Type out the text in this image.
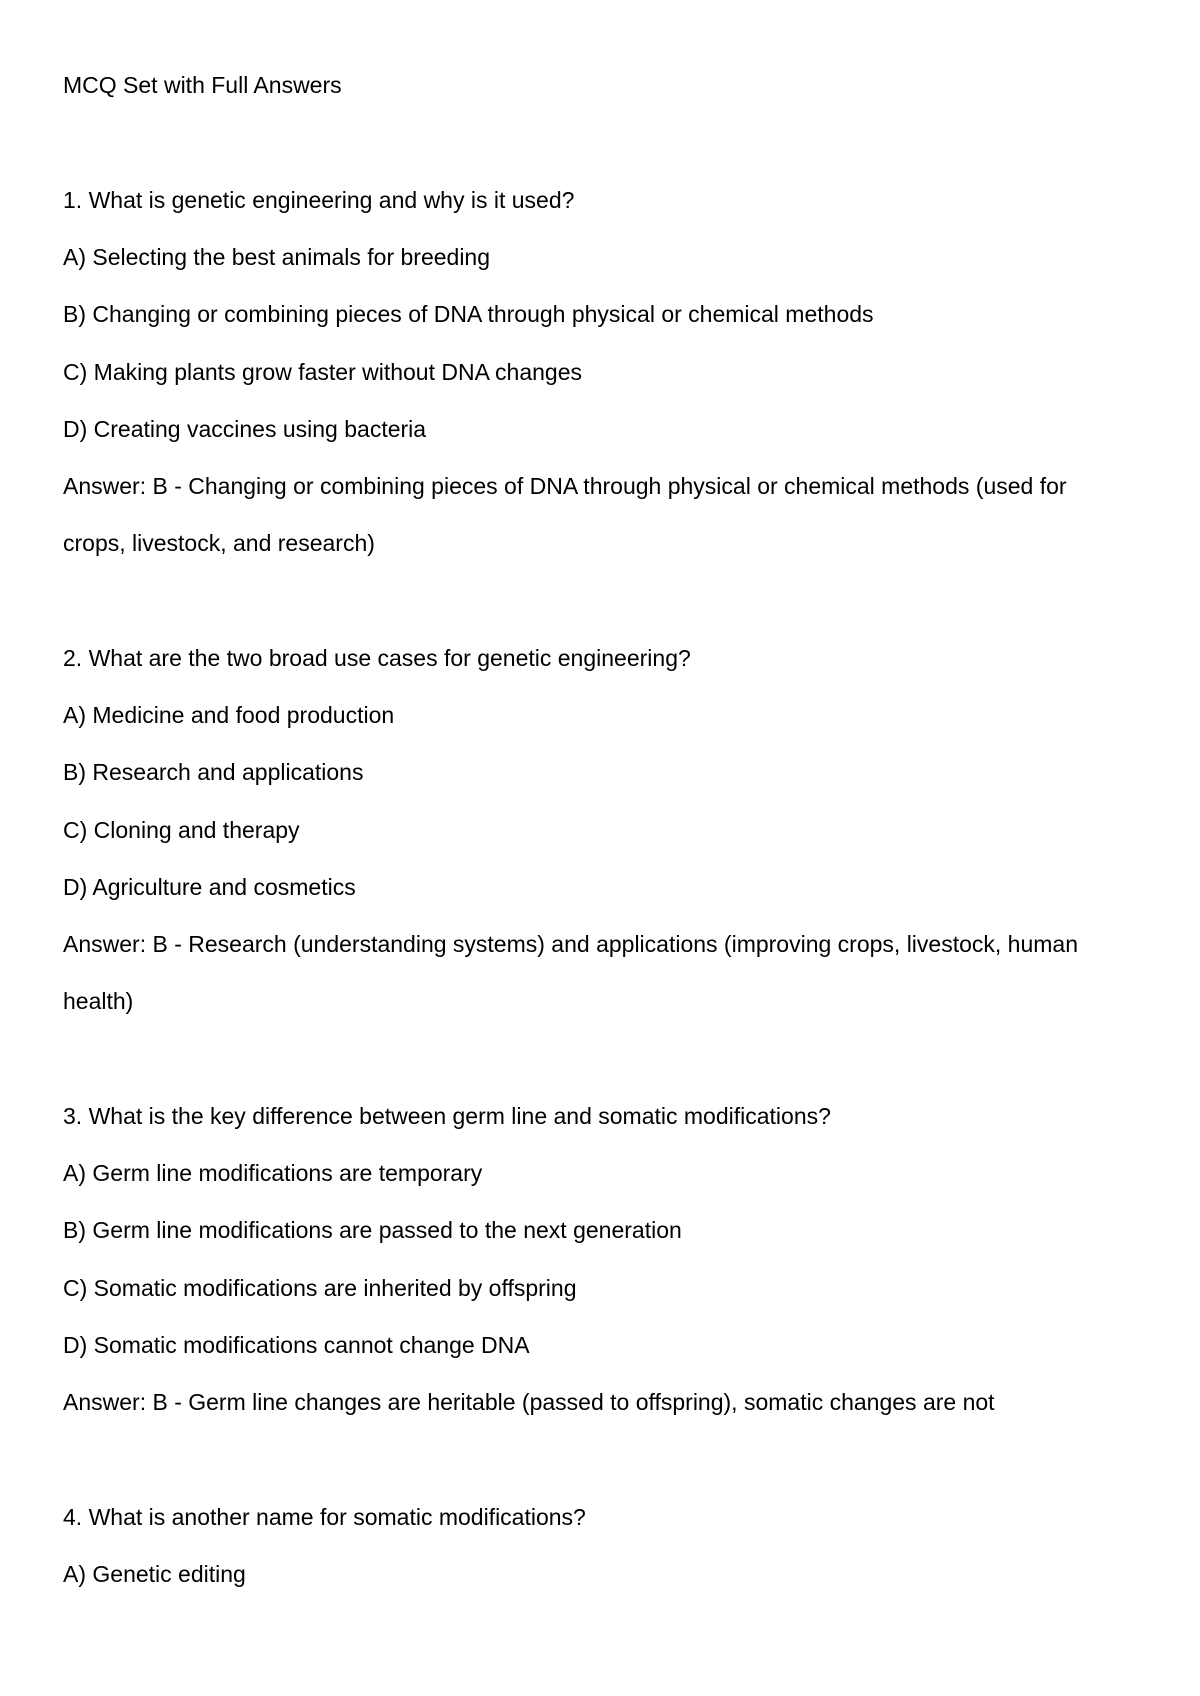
MCQ Set with Full Answers
1. What is genetic engineering and why is it used?
A) Selecting the best animals for breeding
B) Changing or combining pieces of DNA through physical or chemical methods
C) Making plants grow faster without DNA changes
D) Creating vaccines using bacteria
Answer: B - Changing or combining pieces of DNA through physical or chemical methods (used for
crops, livestock, and research)
2. What are the two broad use cases for genetic engineering?
A) Medicine and food production
B) Research and applications
C) Cloning and therapy
D) Agriculture and cosmetics
Answer: B - Research (understanding systems) and applications (improving crops, livestock, human
health)
3. What is the key difference between germ line and somatic modifications?
A) Germ line modifications are temporary
B) Germ line modifications are passed to the next generation
C) Somatic modifications are inherited by offspring
D) Somatic modifications cannot change DNA
Answer: B - Germ line changes are heritable (passed to offspring), somatic changes are not
4. What is another name for somatic modifications?
A) Genetic editing
